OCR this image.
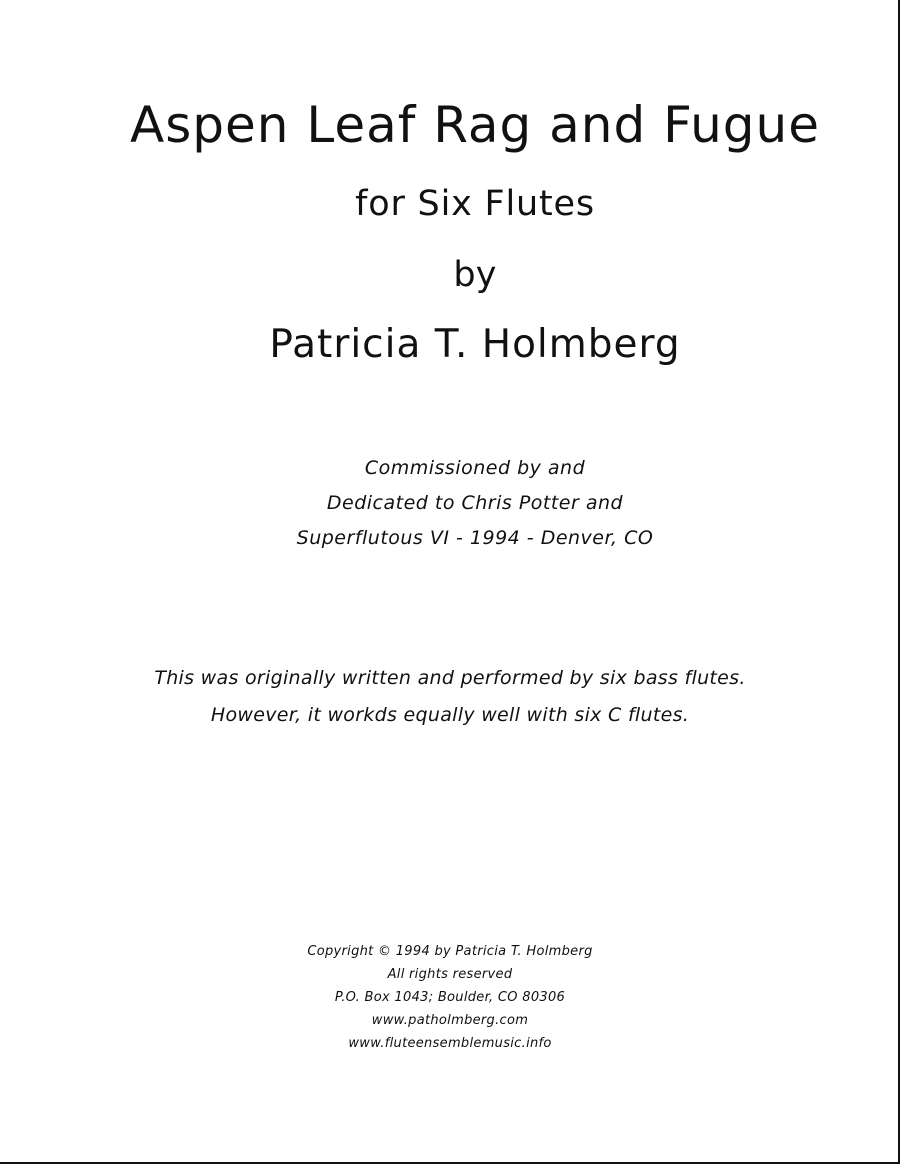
Aspen Leaf Rag and Fugue
for Six Flutes
by
Patricia T. Holmberg
Commissioned by and
Dedicated to Chris Potter and
Superflutous VI - 1994 - Denver, CO
This was originally written and performed by six bass flutes.
However, it workds equally well with six C flutes.
Copyright © 1994 by Patricia T. Holmberg
All rights reserved
P.O. Box 1043; Boulder, CO 80306
www.patholmberg.com
www.fluteensemblemusic.info
